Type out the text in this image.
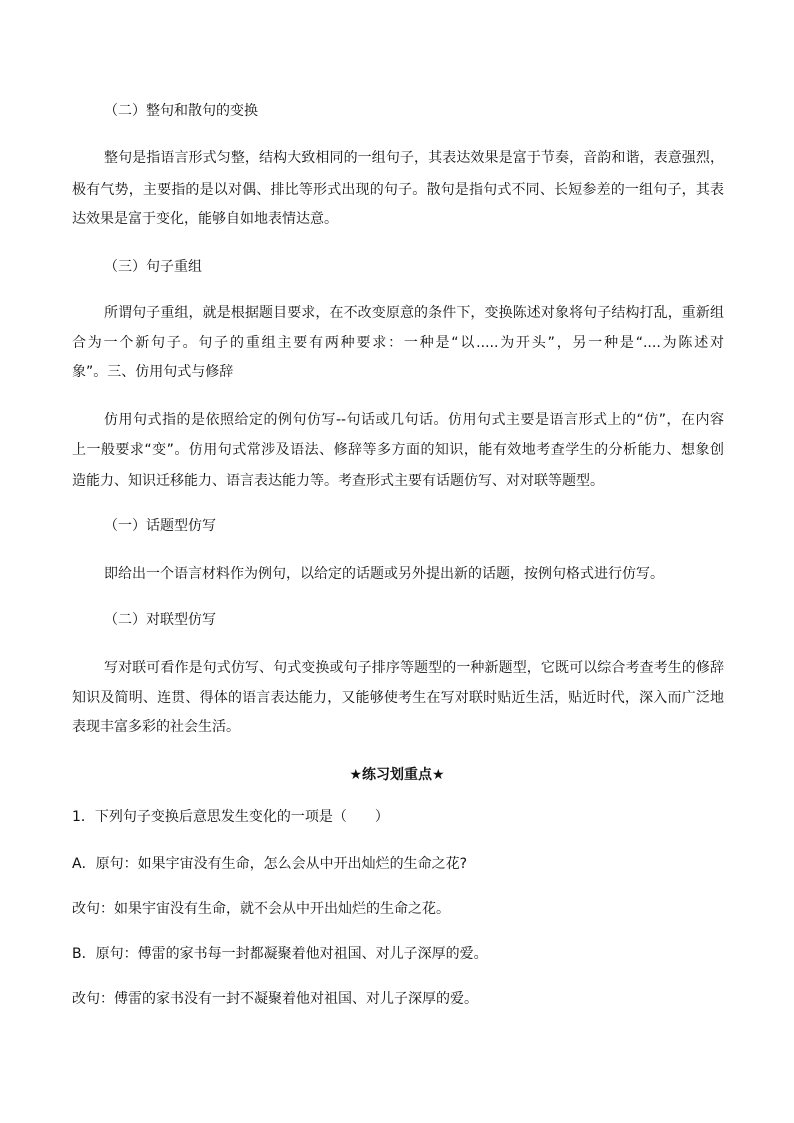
（二）整句和散句的变换
整句是指语言形式匀整，结构大致相同的一组句子，其表达效果是富于节奏，音韵和谐，表意强烈，
极有气势，主要指的是以对偶、排比等形式出现的句子。散句是指句式不同、长短参差的一组句子，其表
达效果是富于变化，能够自如地表情达意。
（三）句子重组
所谓句子重组，就是根据题目要求，在不改变原意的条件下，变换陈述对象将句子结构打乱，重新组
合为一个新句子。句子的重组主要有两种要求：一种是“以.....为开头”，另一种是“....为陈述对
象”。三、仿用句式与修辞
仿用句式指的是依照给定的例句仿写--句话或几句话。仿用句式主要是语言形式上的“仿”，在内容
上一般要求“变”。仿用句式常涉及语法、修辞等多方面的知识，能有效地考查学生的分析能力、想象创
造能力、知识迁移能力、语言表达能力等。考查形式主要有话题仿写、对对联等题型。
（一）话题型仿写
即给出一个语言材料作为例句，以给定的话题或另外提出新的话题，按例句格式进行仿写。
（二）对联型仿写
写对联可看作是句式仿写、句式变换或句子排序等题型的一种新题型，它既可以综合考查考生的修辞
知识及简明、连贯、得体的语言表达能力，又能够使考生在写对联时贴近生活，贴近时代，深入而广泛地
表现丰富多彩的社会生活。
★练习划重点★
1．下列句子变换后意思发生变化的一项是（　　）
A．原句：如果宇宙没有生命，怎么会从中开出灿烂的生命之花?
改句：如果宇宙没有生命，就不会从中开出灿烂的生命之花。
B．原句：傅雷的家书每一封都凝聚着他对祖国、对儿子深厚的爱。
改句：傅雷的家书没有一封不凝聚着他对祖国、对儿子深厚的爱。
